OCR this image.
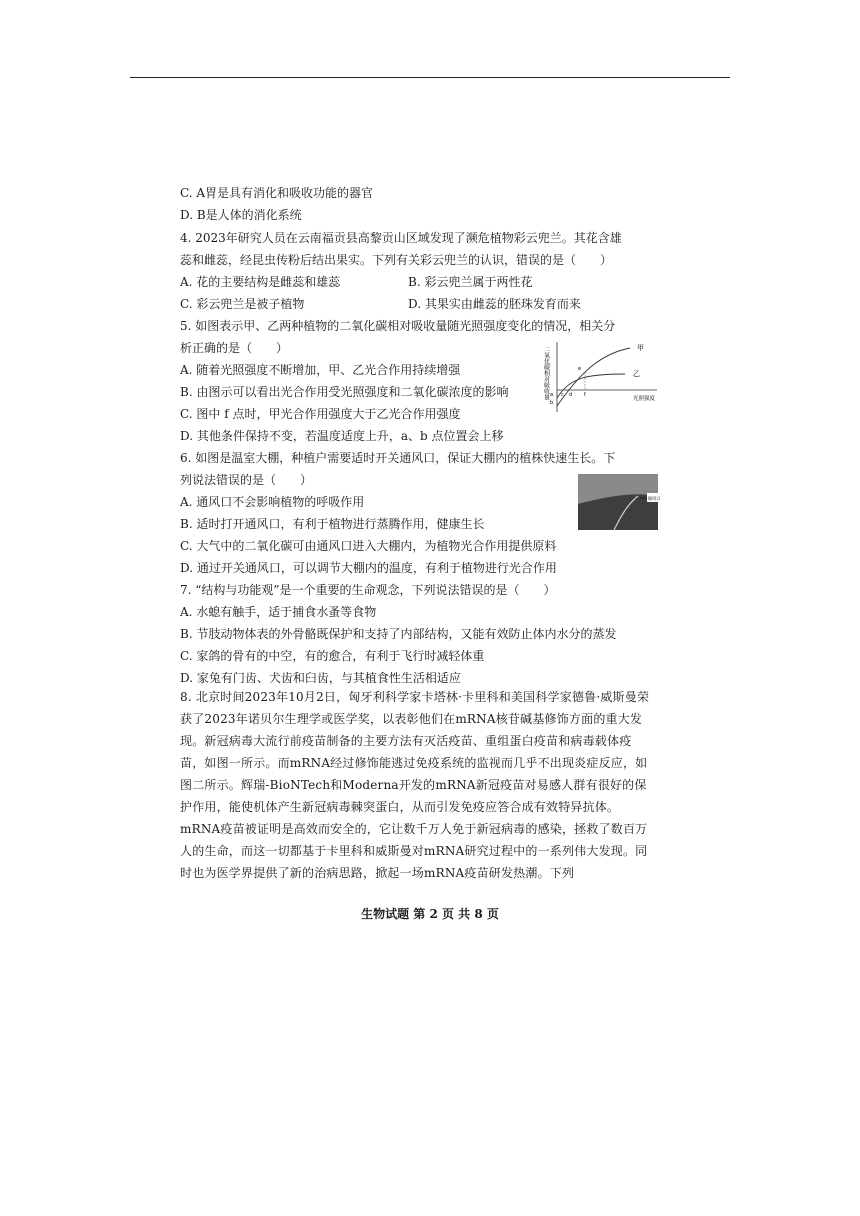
C. A胃是具有消化和吸收功能的器官
D. B是人体的消化系统
4. 2023年研究人员在云南福贡县高黎贡山区域发现了濒危植物彩云兜兰。其花含雄
蕊和雌蕊，经昆虫传粉后结出果实。下列有关彩云兜兰的认识，错误的是（　　）
A. 花的主要结构是雌蕊和雄蕊	B. 彩云兜兰属于两性花
C. 彩云兜兰是被子植物	D. 其果实由雌蕊的胚珠发育而来
5. 如图表示甲、乙两种植物的二氧化碳相对吸收量随光照强度变化的情况，相关分
析正确的是（　　）
A. 随着光照强度不断增加，甲、乙光合作用持续增强
B. 由图示可以看出光合作用受光照强度和二氧化碳浓度的影响
C. 图中 f 点时，甲光合作用强度大于乙光合作用强度
D. 其他条件保持不变，若温度适度上升，a、b 点位置会上移
6. 如图是温室大棚，种植户需要适时开关通风口，保证大棚内的植株快速生长。下
列说法错误的是（　　）
A. 通风口不会影响植物的呼吸作用
B. 适时打开通风口，有利于植物进行蒸腾作用，健康生长
C. 大气中的二氧化碳可由通风口进入大棚内，为植物光合作用提供原料
D. 通过开关通风口，可以调节大棚内的温度，有利于植物进行光合作用
7. “结构与功能观”是一个重要的生命观念，下列说法错误的是（　　）
A. 水螅有触手，适于捕食水蚤等食物
B. 节肢动物体表的外骨骼既保护和支持了内部结构，又能有效防止体内水分的蒸发
C. 家鸽的骨有的中空，有的愈合，有利于飞行时减轻体重
D. 家兔有门齿、犬齿和臼齿，与其植食性生活相适应
8. 北京时间2023年10月2日，匈牙利科学家卡塔林·卡里科和美国科学家德鲁·威斯曼荣获了2023年诺贝尔生理学或医学奖，以表彰他们在mRNA核苷碱基修饰方面的重大发现。新冠病毒大流行前疫苗制备的主要方法有灭活疫苗、重组蛋白疫苗和病毒载体疫苗，如图一所示。而mRNA经过修饰能逃过免疫系统的监视而几乎不出现炎症反应，如图二所示。辉瑞-BioNTech和Moderna开发的mRNA新冠疫苗对易感人群有很好的保护作用，能使机体产生新冠病毒棘突蛋白，从而引发免疫应答合成有效特异抗体。mRNA疫苗被证明是高效而安全的，它让数千万人免于新冠病毒的感染，拯救了数百万人的生命，而这一切都基于卡里科和威斯曼对mRNA研究过程中的一系列伟大发现。同时也为医学界提供了新的治病思路，掀起一场mRNA疫苗研发热潮。下列
二氧化碳相对吸收量	甲
乙
a
b
c d
e
f
光照强度
通风口
生物试题 第 2 页 共 8 页
